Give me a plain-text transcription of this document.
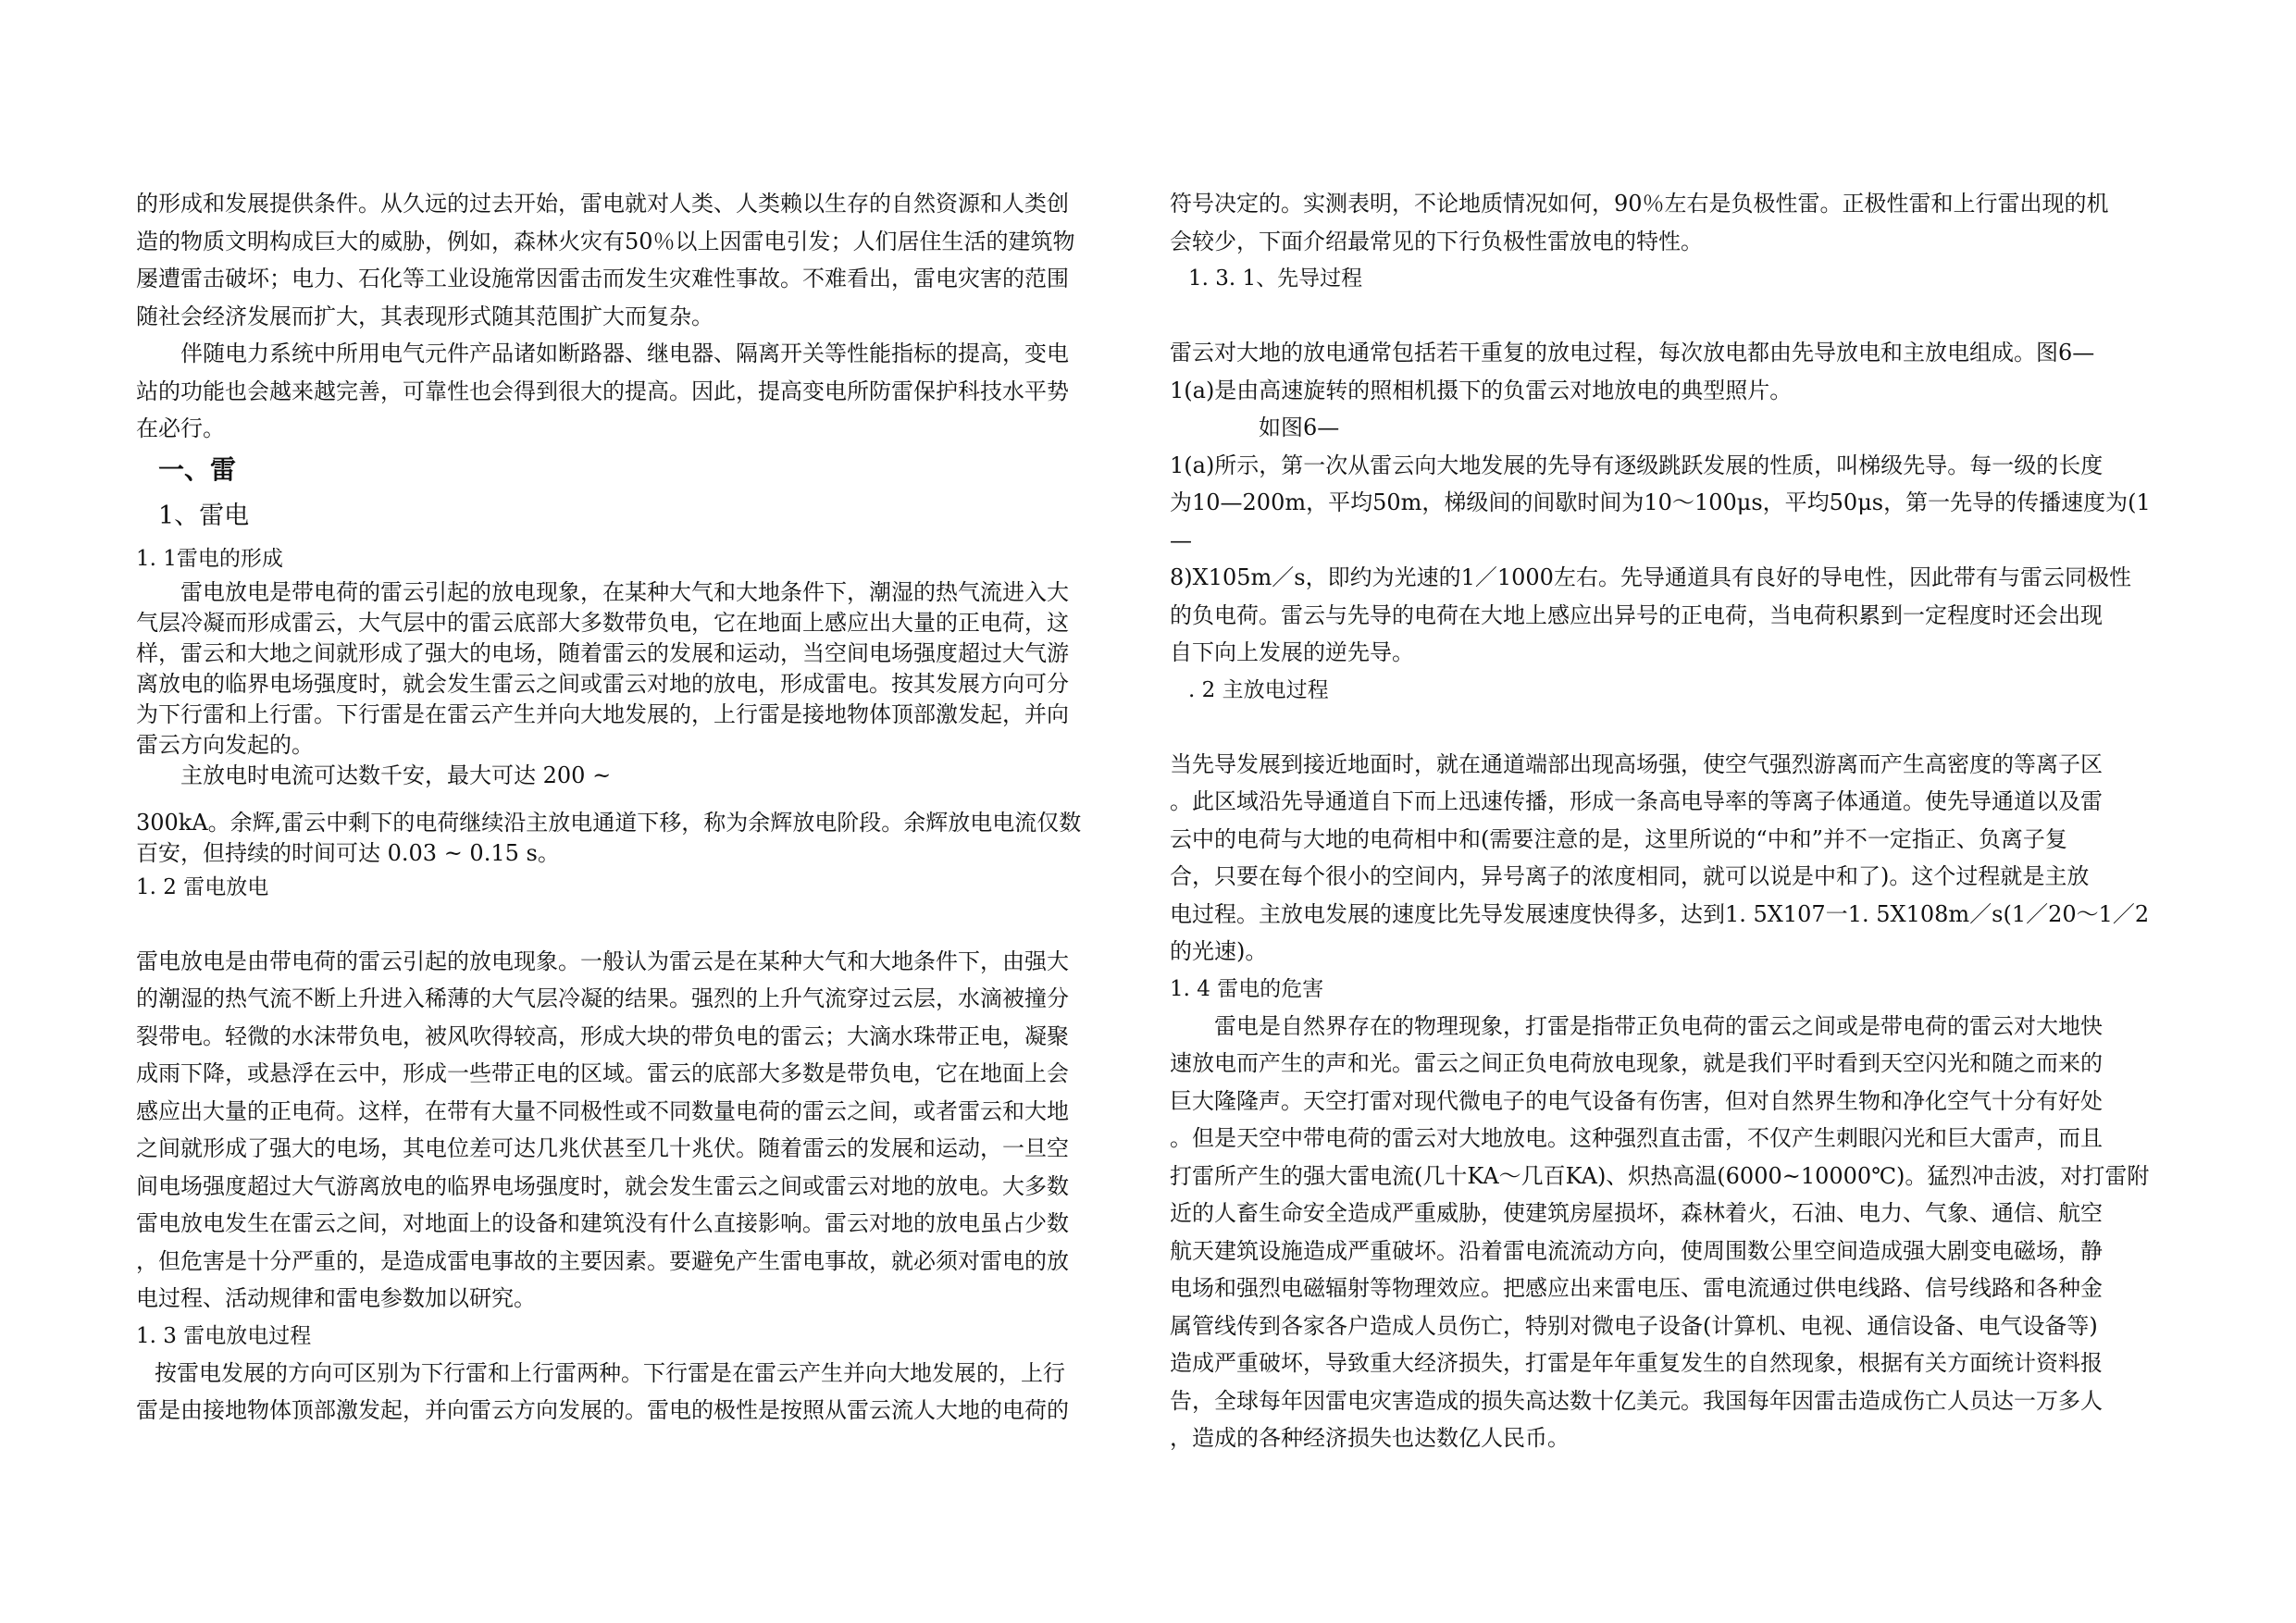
的形成和发展提供条件。从久远的过去开始，雷电就对人类、人类赖以生存的自然资源和人类创
造的物质文明构成巨大的威胁，例如，森林火灾有50％以上因雷电引发；人们居住生活的建筑物
屡遭雷击破坏；电力、石化等工业设施常因雷击而发生灾难性事故。不难看出，雷电灾害的范围
随社会经济发展而扩大，其表现形式随其范围扩大而复杂。
伴随电力系统中所用电气元件产品诸如断路器、继电器、隔离开关等性能指标的提高，变电
站的功能也会越来越完善，可靠性也会得到很大的提高。因此，提高变电所防雷保护科技水平势
在必行。
一、雷
1、雷电
1. 1雷电的形成
雷电放电是带电荷的雷云引起的放电现象，在某种大气和大地条件下，潮湿的热气流进入大
气层冷凝而形成雷云，大气层中的雷云底部大多数带负电，它在地面上感应出大量的正电荷，这
样，雷云和大地之间就形成了强大的电场，随着雷云的发展和运动，当空间电场强度超过大气游
离放电的临界电场强度时，就会发生雷云之间或雷云对地的放电，形成雷电。按其发展方向可分
为下行雷和上行雷。下行雷是在雷云产生并向大地发展的，上行雷是接地物体顶部激发起，并向
雷云方向发起的。
主放电时电流可达数千安，最大可达 200 ~
300kA。余辉,雷云中剩下的电荷继续沿主放电通道下移，称为余辉放电阶段。余辉放电电流仅数
百安，但持续的时间可达 0.03 ~ 0.15 s。
1. 2 雷电放电
雷电放电是由带电荷的雷云引起的放电现象。一般认为雷云是在某种大气和大地条件下，由强大
的潮湿的热气流不断上升进入稀薄的大气层冷凝的结果。强烈的上升气流穿过云层，水滴被撞分
裂带电。轻微的水沫带负电，被风吹得较高，形成大块的带负电的雷云；大滴水珠带正电，凝聚
成雨下降，或悬浮在云中，形成一些带正电的区域。雷云的底部大多数是带负电，它在地面上会
感应出大量的正电荷。这样，在带有大量不同极性或不同数量电荷的雷云之间，或者雷云和大地
之间就形成了强大的电场，其电位差可达几兆伏甚至几十兆伏。随着雷云的发展和运动，一旦空
间电场强度超过大气游离放电的临界电场强度时，就会发生雷云之间或雷云对地的放电。大多数
雷电放电发生在雷云之间，对地面上的设备和建筑没有什么直接影响。雷云对地的放电虽占少数
，但危害是十分严重的，是造成雷电事故的主要因素。要避免产生雷电事故，就必须对雷电的放
电过程、活动规律和雷电参数加以研究。
1. 3 雷电放电过程
按雷电发展的方向可区别为下行雷和上行雷两种。下行雷是在雷云产生并向大地发展的，上行
雷是由接地物体顶部激发起，并向雷云方向发展的。雷电的极性是按照从雷云流人大地的电荷的
符号决定的。实测表明，不论地质情况如何，90％左右是负极性雷。正极性雷和上行雷出现的机
会较少，下面介绍最常见的下行负极性雷放电的特性。
1. 3. 1、先导过程
雷云对大地的放电通常包括若干重复的放电过程，每次放电都由先导放电和主放电组成。图6—
1(a)是由高速旋转的照相机摄下的负雷云对地放电的典型照片。
如图6—
1(a)所示，第一次从雷云向大地发展的先导有逐级跳跃发展的性质，叫梯级先导。每一级的长度
为10—200m，平均50m，梯级间的间歇时间为10～100μs，平均50μs，第一先导的传播速度为(1
—
8)X105m／s，即约为光速的1／1000左右。先导通道具有良好的导电性，因此带有与雷云同极性
的负电荷。雷云与先导的电荷在大地上感应出异号的正电荷，当电荷积累到一定程度时还会出现
自下向上发展的逆先导。
. 2 主放电过程
当先导发展到接近地面时，就在通道端部出现高场强，使空气强烈游离而产生高密度的等离子区
。此区域沿先导通道自下而上迅速传播，形成一条高电导率的等离子体通道。使先导通道以及雷
云中的电荷与大地的电荷相中和(需要注意的是，这里所说的“中和”并不一定指正、负离子复
合，只要在每个很小的空间内，异号离子的浓度相同，就可以说是中和了)。这个过程就是主放
电过程。主放电发展的速度比先导发展速度快得多，达到1. 5X107一1. 5X108m／s(1／20～1／2
的光速)。
1. 4 雷电的危害
雷电是自然界存在的物理现象，打雷是指带正负电荷的雷云之间或是带电荷的雷云对大地快
速放电而产生的声和光。雷云之间正负电荷放电现象，就是我们平时看到天空闪光和随之而来的
巨大隆隆声。天空打雷对现代微电子的电气设备有伤害，但对自然界生物和净化空气十分有好处
。但是天空中带电荷的雷云对大地放电。这种强烈直击雷，不仅产生刺眼闪光和巨大雷声，而且
打雷所产生的强大雷电流(几十KA～几百KA)、炽热高温(6000~10000℃)。猛烈冲击波，对打雷附
近的人畜生命安全造成严重威胁，使建筑房屋损坏，森林着火，石油、电力、气象、通信、航空
航天建筑设施造成严重破坏。沿着雷电流流动方向，使周围数公里空间造成强大剧变电磁场，静
电场和强烈电磁辐射等物理效应。把感应出来雷电压、雷电流通过供电线路、信号线路和各种金
属管线传到各家各户造成人员伤亡，特别对微电子设备(计算机、电视、通信设备、电气设备等)
造成严重破坏，导致重大经济损失，打雷是年年重复发生的自然现象，根据有关方面统计资料报
告，全球每年因雷电灾害造成的损失高达数十亿美元。我国每年因雷击造成伤亡人员达一万多人
，造成的各种经济损失也达数亿人民币。
